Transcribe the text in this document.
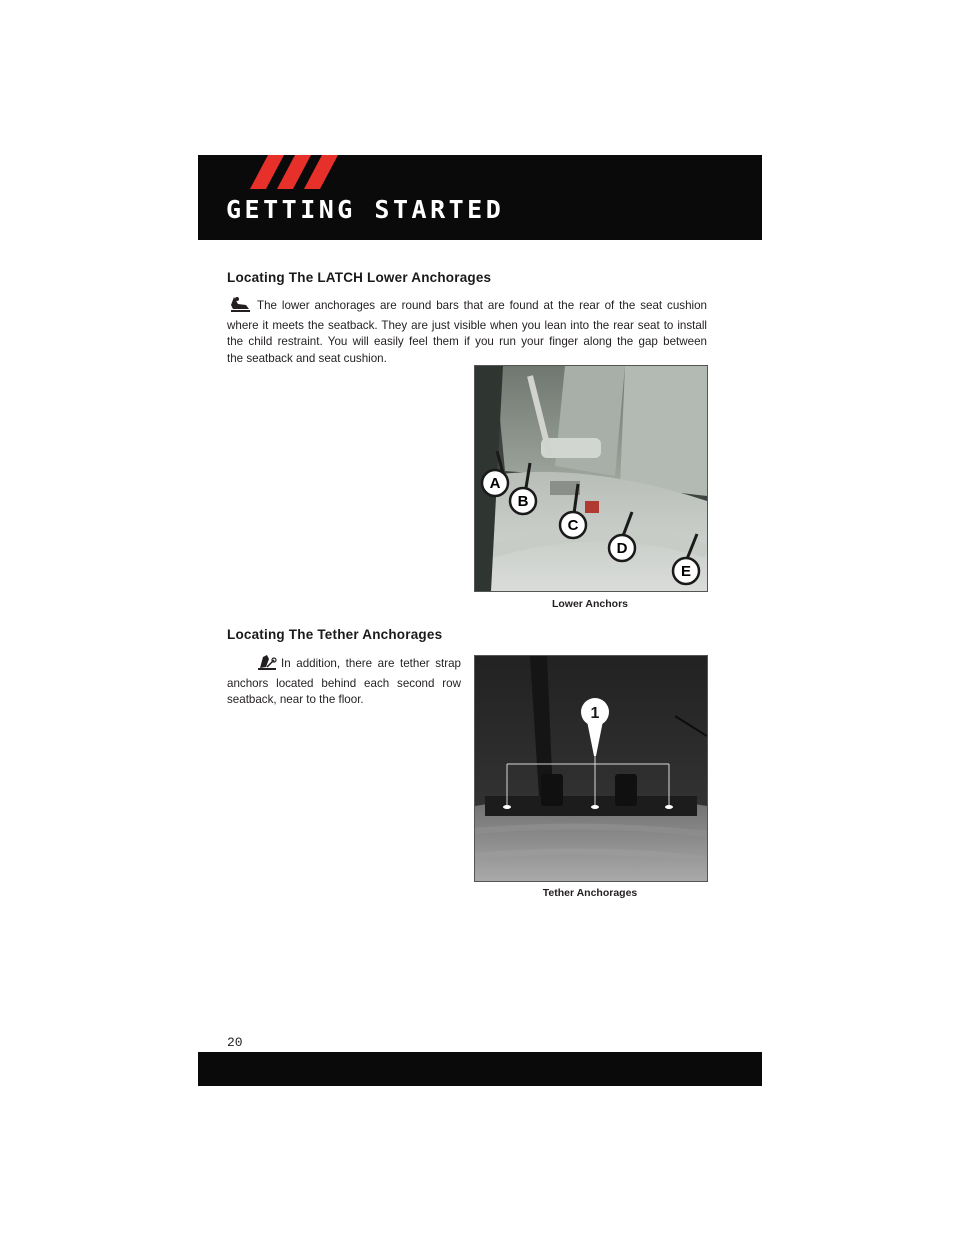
GETTING STARTED
Locating The LATCH Lower Anchorages
The lower anchorages are round bars that are found at the rear of the seat cushion
where it meets the seatback. They are just visible when you lean into the rear seat to install
the child restraint. You will easily feel them if you run your finger along the gap between
the seatback and seat cushion.
A
B
C
D
E
Lower Anchors
Locating The Tether Anchorages
In addition, there are tether strap
anchors located behind each second row
seatback, near to the floor.
1
Tether Anchorages
20
